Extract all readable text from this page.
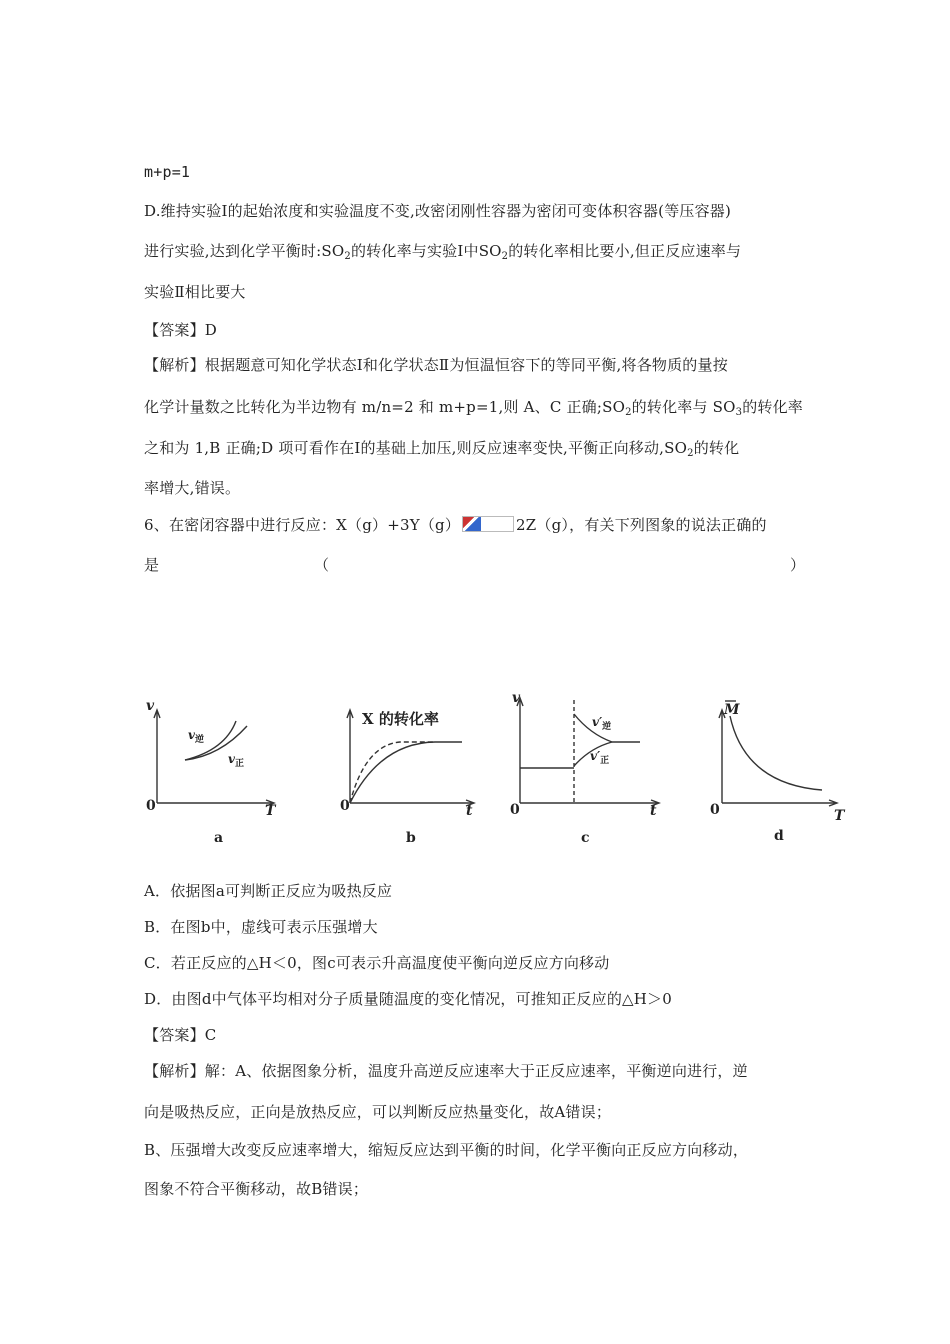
m+p=1
D.维持实验Ⅰ的起始浓度和实验温度不变,改密闭刚性容器为密闭可变体积容器(等压容器)
进行实验,达到化学平衡时$:SO_2$的转化率与实验Ⅰ中$SO_2$的转化率相比要小,但正反应速率与
实验Ⅱ相比要大
【答案】D
【解析】根据题意可知化学状态Ⅰ和化学状态Ⅱ为恒温恒容下的等同平衡,将各物质的量按
化学计量数之比转化为半边物有 m/n=2 和 m+p=1,则 A、C 正确$;SO_2$的转化率与 $SO_3$的转化率
之和为 1,B 正确;D 项可看作在Ⅰ的基础上加压,则反应速率变快,平衡正向移动$,SO_2$的转化
率增大,错误。
6、在密闭容器中进行反应：X（g）+3Y（g）	2Z（g），有关下列图象的说法正确的
是	（	）
v
T
$v_逆$
$v_正$
t
v
t
$v'_逆$
$v'_正$
M
T
0	0	0	0
X 的转化率
a	b	c	d
A．依据图a可判断正反应为吸热反应
B．在图b中，虚线可表示压强增大
C．若正反应的△H＜0，图c可表示升高温度使平衡向逆反应方向移动
D．由图d中气体平均相对分子质量随温度的变化情况，可推知正反应的△H＞0
【答案】C
【解析】解：A、依据图象分析，温度升高逆反应速率大于正反应速率，平衡逆向进行，逆
向是吸热反应，正向是放热反应，可以判断反应热量变化，故A错误；
B、压强增大改变反应速率增大，缩短反应达到平衡的时间，化学平衡向正反应方向移动，
图象不符合平衡移动，故B错误；
